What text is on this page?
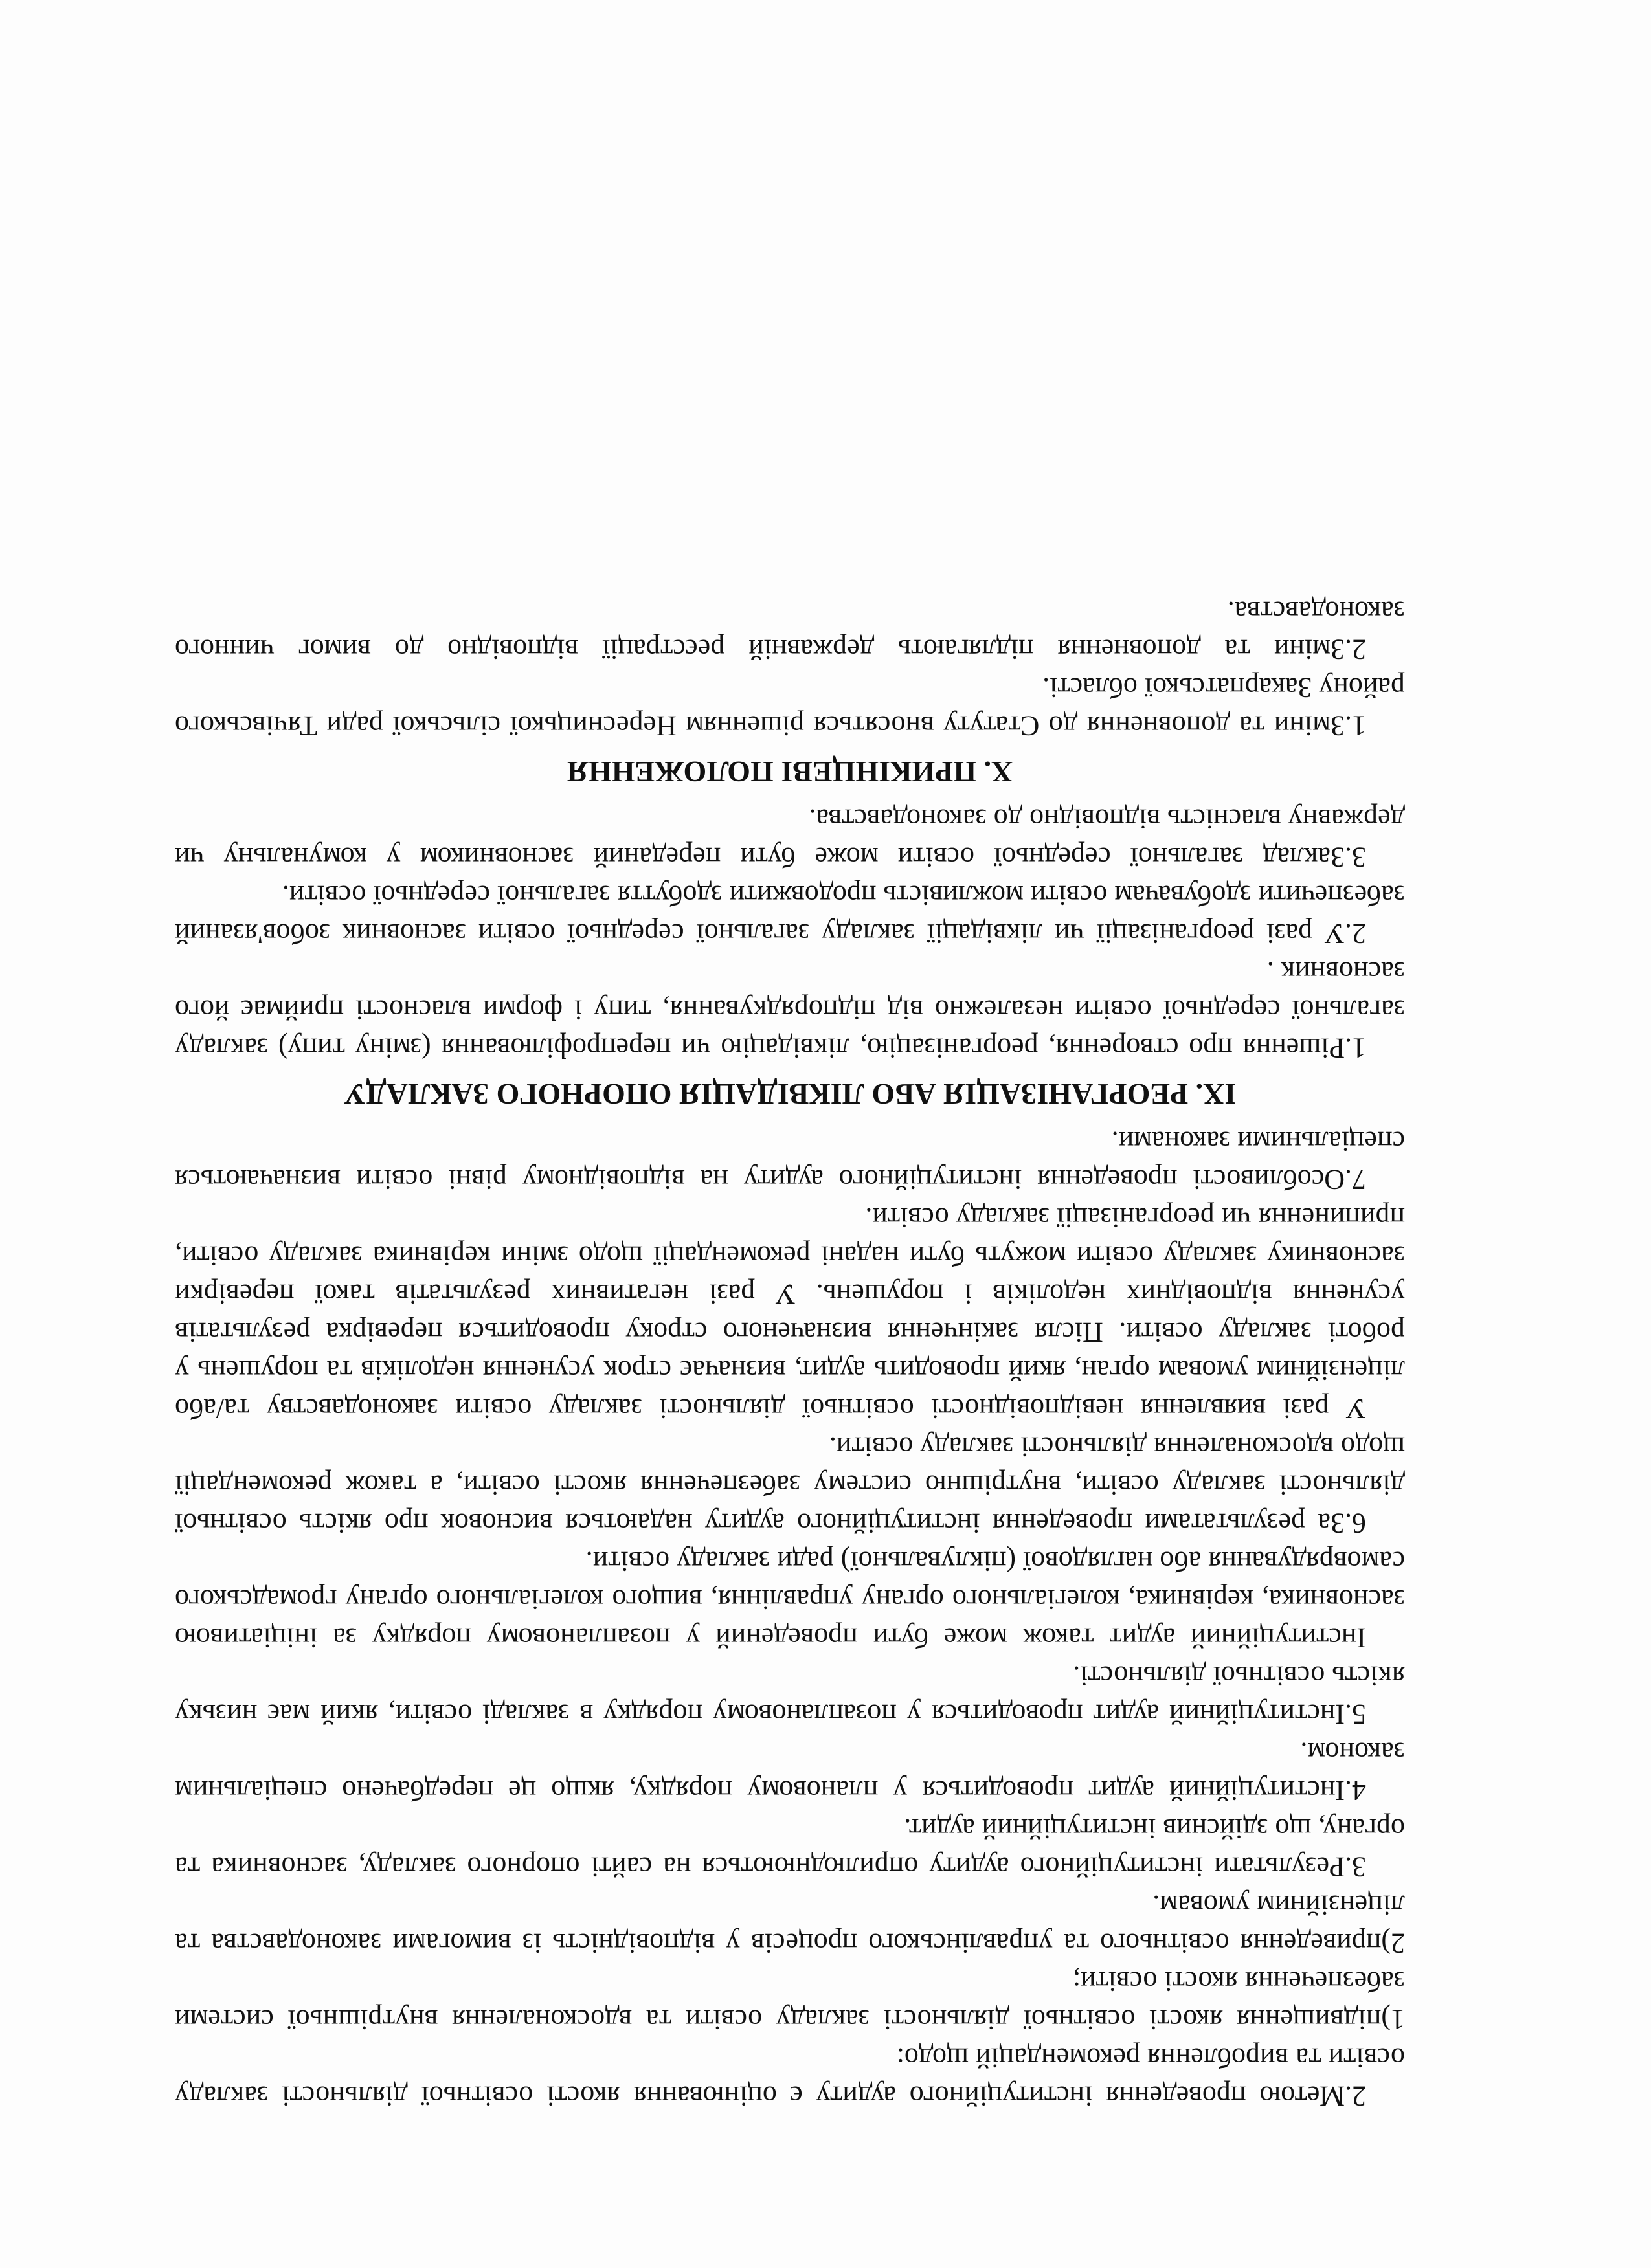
2.Метою проведення інституційного аудиту є оцінювання якості освітньої діяльності закладу освіти та вироблення рекомендацій щодо:

1)підвищення якості освітньої діяльності закладу освіти та вдосконалення внутрішньої системи забезпечення якості освіти;

2)приведення освітнього та управлінського процесів у відповідність із вимогами законодавства та ліцензійним умовам.

3.Результати інституційного аудиту оприлюднюються на сайті опорного закладу, засновника та органу, що здійснив інституційний аудит.

4.Інституційний аудит проводиться у плановому порядку, якщо це передбачено спеціальним законом.

5.Інституційний аудит проводиться у позаплановому порядку в закладі освіти, який має низьку якість освітньої діяльності.

Інституційний аудит також може бути проведений у позаплановому порядку за ініціативою засновника, керівника, колегіального органу управління, вищого колегіального органу громадського самоврядування або наглядової (піклувальної) ради закладу освіти.

6.За результатами проведення інституційного аудиту надаються висновок про якість освітньої діяльності закладу освіти, внутрішню систему забезпечення якості освіти, а також рекомендації щодо вдосконалення діяльності закладу освіти.

У разі виявлення невідповідності освітньої діяльності закладу освіти законодавству та/або ліцензійним умовам орган, який проводить аудит, визначає строк усунення недоліків та порушень у роботі закладу освіти. Після закінчення визначеного строку проводиться перевірка результатів усунення відповідних недоліків і порушень. У разі негативних результатів такої перевірки засновнику закладу освіти можуть бути надані рекомендації щодо зміни керівника закладу освіти, припинення чи реорганізації закладу освіти.

7.Особливості проведення інституційного аудиту на відповідному рівні освіти визначаються спеціальними законами.

IX. РЕОРГАНІЗАЦІЯ АБО ЛІКВІДАЦІЯ ОПОРНОГО ЗАКЛАДУ

1.Рішення про створення, реорганізацію, ліквідацію чи перепрофілювання (зміну типу) закладу загальної середньої освіти незалежно від підпорядкування, типу і форми власності приймає його засновник .

2.У разі реорганізації чи ліквідації закладу загальної середньої освіти засновник зобов'язаний забезпечити здобувачам освіти можливість продовжити здобуття загальної середньої освіти.

3.Заклад загальної середньої освіти може бути переданий засновником у комунальну чи державну власність відповідно до законодавства.

X. ПРИКІНЦЕВІ ПОЛОЖЕННЯ

1.Зміни та доповнення до Статуту вносяться рішенням Нересницької сільської ради Тячівського району Закарпатської області.

2.Зміни та доповнення підлягають державній реєстрації відповідно до вимог чинного законодавства.
